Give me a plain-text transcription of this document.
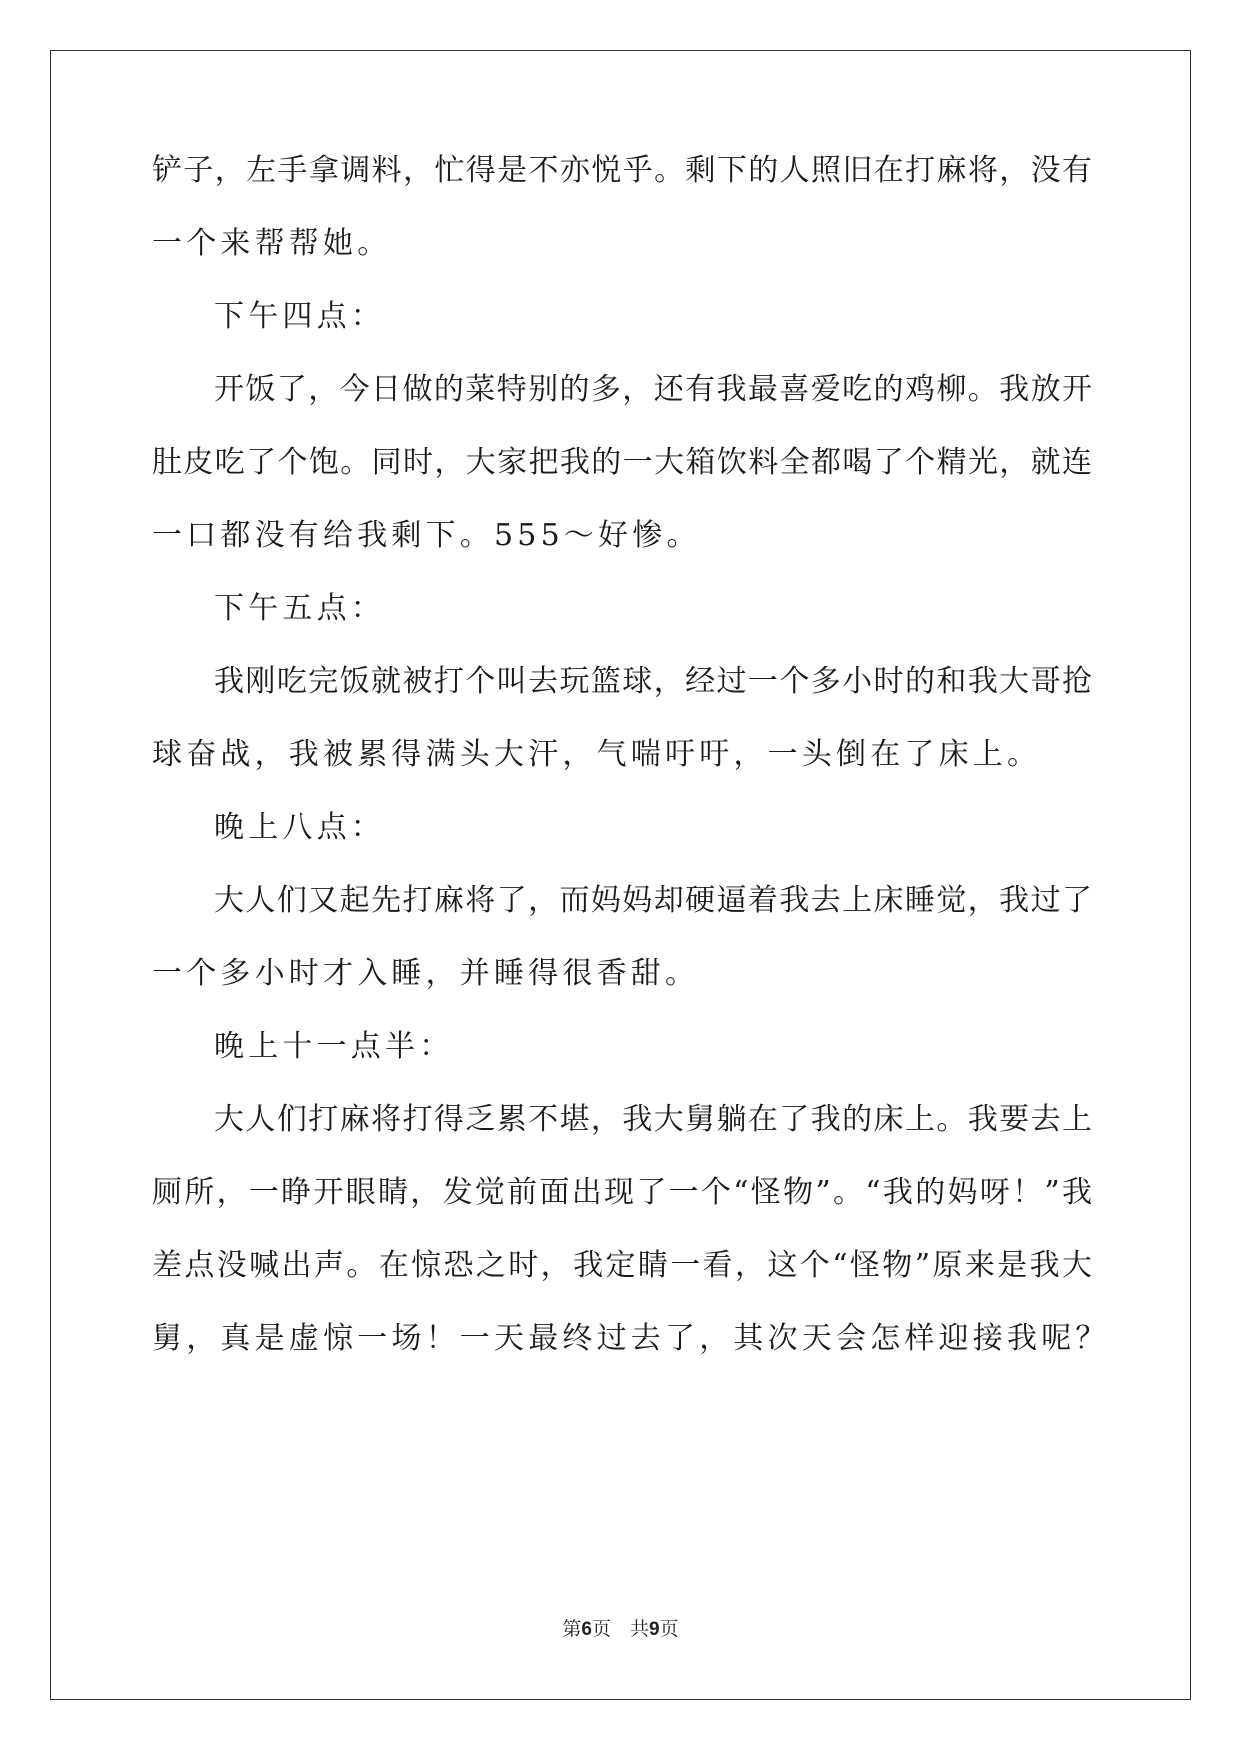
铲子，左手拿调料，忙得是不亦悦乎。剩下的人照旧在打麻将，没有
一个来帮帮她。
下午四点：
开饭了，今日做的菜特别的多，还有我最喜爱吃的鸡柳。我放开
肚皮吃了个饱。同时，大家把我的一大箱饮料全都喝了个精光，就连
一口都没有给我剩下。555～好惨。
下午五点：
我刚吃完饭就被打个叫去玩篮球，经过一个多小时的和我大哥抢
球奋战，我被累得满头大汗，气喘吁吁，一头倒在了床上。
晚上八点：
大人们又起先打麻将了，而妈妈却硬逼着我去上床睡觉，我过了
一个多小时才入睡，并睡得很香甜。
晚上十一点半：
大人们打麻将打得乏累不堪，我大舅躺在了我的床上。我要去上
厕所，一睁开眼睛，发觉前面出现了一个“怪物”。“我的妈呀！”我
差点没喊出声。在惊恐之时，我定睛一看，这个“怪物”原来是我大
舅，真是虚惊一场！一天最终过去了，其次天会怎样迎接我呢？
第6页　共9页
